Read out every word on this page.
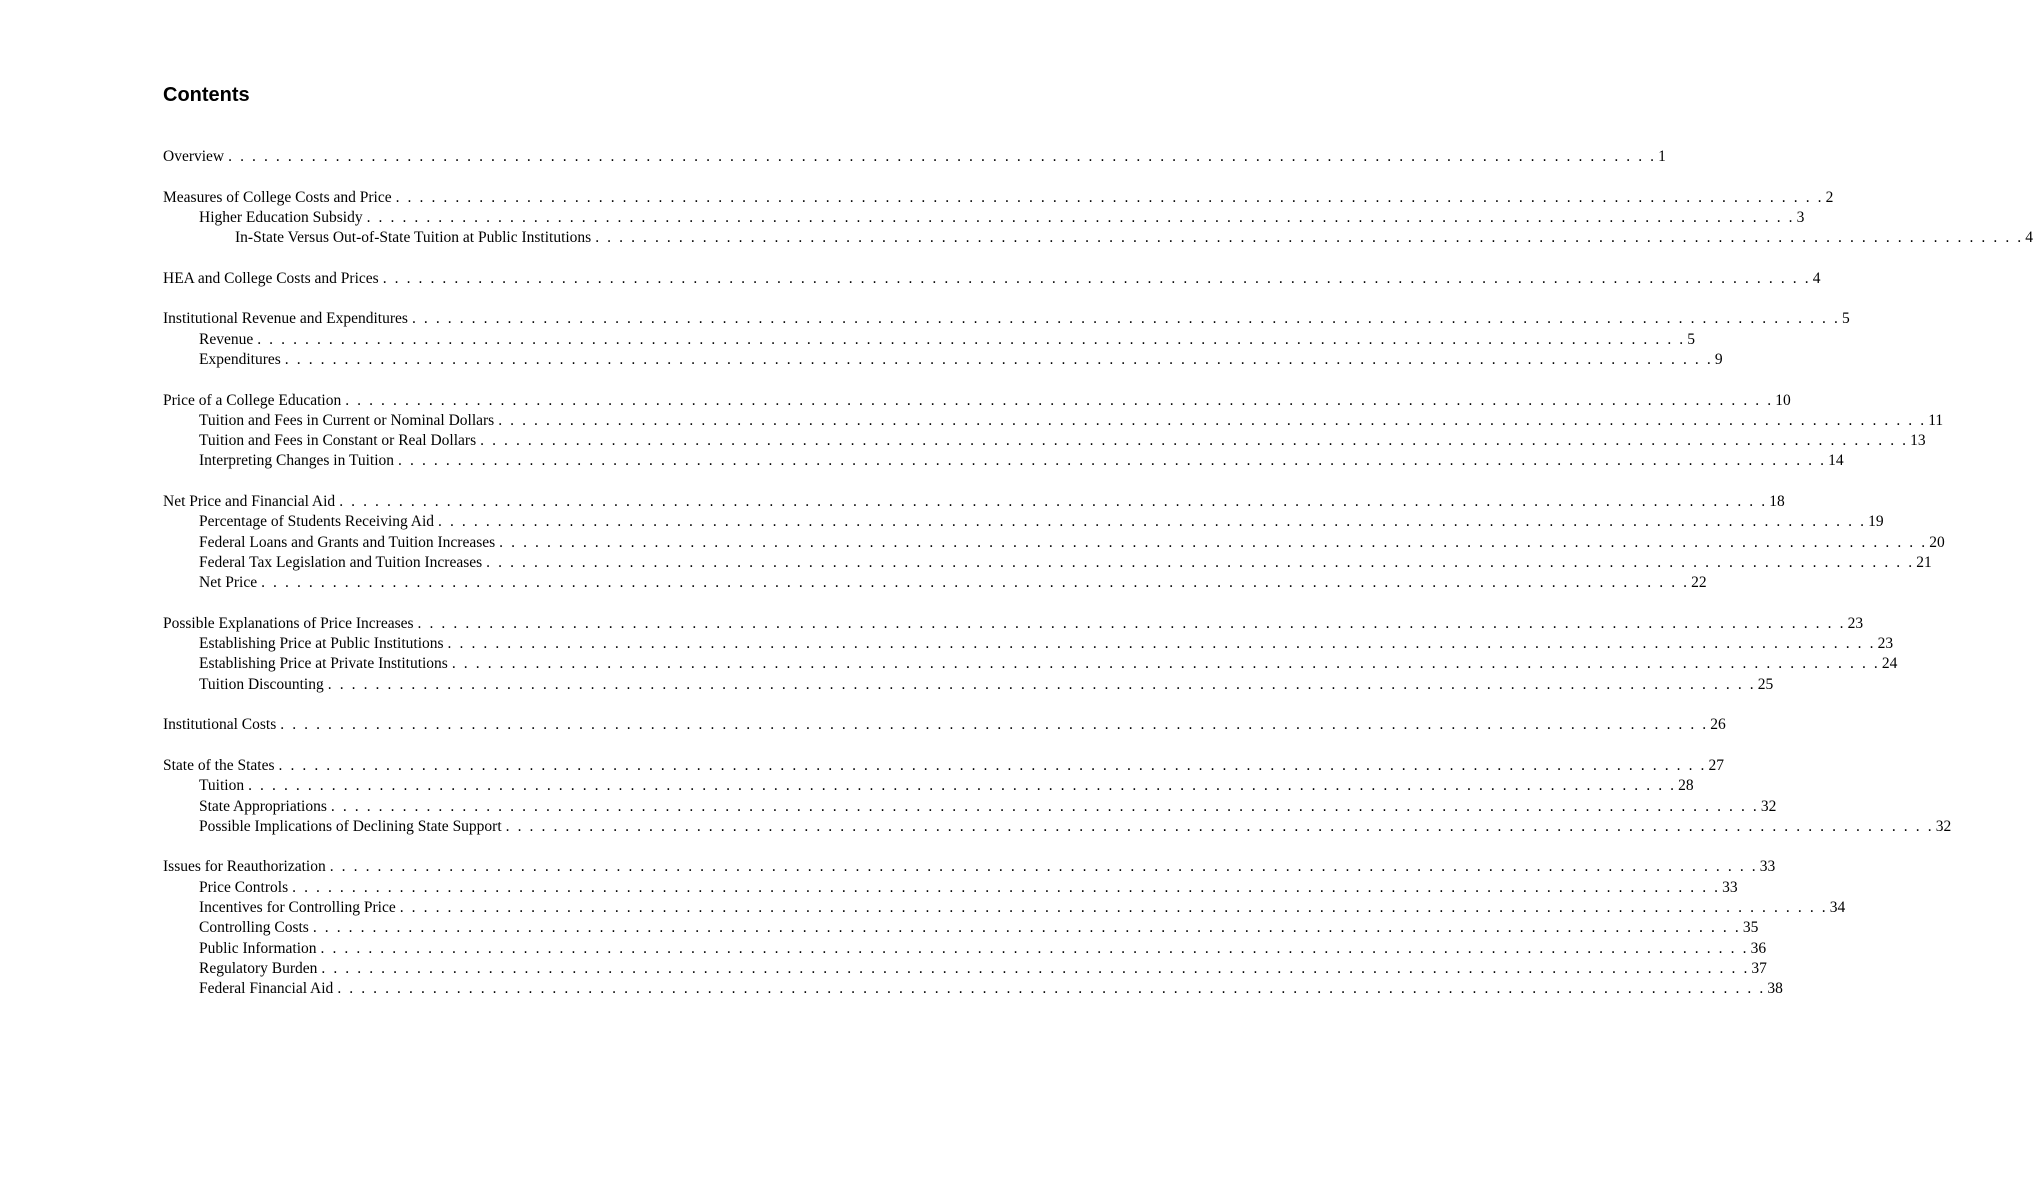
Contents
Overview . . . . . . . . . . . . . . . . . . . . . . . . . . . . . . . . . . . . . . . . . . . . . . . . . . . . . . . . . . . . . . . . . . . . . . . . . . . . . . . . . . . . . . . . . . . . . . . . . . . . . . . . . . . . . . . . . . . . . . . . 1
Measures of College Costs and Price . . . . . . . . . . . . . . . . . . . . . . . . . . . . . . . . . . . . . . . . . . . . . . . . . . . . . . . . . . . . . . . . . . . . . . . . . . . . . . . . . . . . . . . . . . . . . . . . . . . . . . . . . . . . . . . . . . . . . . . . 2
Higher Education Subsidy . . . . . . . . . . . . . . . . . . . . . . . . . . . . . . . . . . . . . . . . . . . . . . . . . . . . . . . . . . . . . . . . . . . . . . . . . . . . . . . . . . . . . . . . . . . . . . . . . . . . . . . . . . . . . . . . . . . . . . . . 3
In-State Versus Out-of-State Tuition at Public Institutions . . . . . . . . . . . . . . . . . . . . . . . . . . . . . . . . . . . . . . . . . . . . . . . . . . . . . . . . . . . . . . . . . . . . . . . . . . . . . . . . . . . . . . . . . . . . . . . . . . . . . . . . . . . . . . . . . . . . . . . . 4
HEA and College Costs and Prices . . . . . . . . . . . . . . . . . . . . . . . . . . . . . . . . . . . . . . . . . . . . . . . . . . . . . . . . . . . . . . . . . . . . . . . . . . . . . . . . . . . . . . . . . . . . . . . . . . . . . . . . . . . . . . . . . . . . . . . . 4
Institutional Revenue and Expenditures . . . . . . . . . . . . . . . . . . . . . . . . . . . . . . . . . . . . . . . . . . . . . . . . . . . . . . . . . . . . . . . . . . . . . . . . . . . . . . . . . . . . . . . . . . . . . . . . . . . . . . . . . . . . . . . . . . . . . . . . 5
Revenue . . . . . . . . . . . . . . . . . . . . . . . . . . . . . . . . . . . . . . . . . . . . . . . . . . . . . . . . . . . . . . . . . . . . . . . . . . . . . . . . . . . . . . . . . . . . . . . . . . . . . . . . . . . . . . . . . . . . . . . . 5
Expenditures . . . . . . . . . . . . . . . . . . . . . . . . . . . . . . . . . . . . . . . . . . . . . . . . . . . . . . . . . . . . . . . . . . . . . . . . . . . . . . . . . . . . . . . . . . . . . . . . . . . . . . . . . . . . . . . . . . . . . . . . 9
Price of a College Education . . . . . . . . . . . . . . . . . . . . . . . . . . . . . . . . . . . . . . . . . . . . . . . . . . . . . . . . . . . . . . . . . . . . . . . . . . . . . . . . . . . . . . . . . . . . . . . . . . . . . . . . . . . . . . . . . . . . . . . . 10
Tuition and Fees in Current or Nominal Dollars . . . . . . . . . . . . . . . . . . . . . . . . . . . . . . . . . . . . . . . . . . . . . . . . . . . . . . . . . . . . . . . . . . . . . . . . . . . . . . . . . . . . . . . . . . . . . . . . . . . . . . . . . . . . . . . . . . . . . . . . 11
Tuition and Fees in Constant or Real Dollars . . . . . . . . . . . . . . . . . . . . . . . . . . . . . . . . . . . . . . . . . . . . . . . . . . . . . . . . . . . . . . . . . . . . . . . . . . . . . . . . . . . . . . . . . . . . . . . . . . . . . . . . . . . . . . . . . . . . . . . . 13
Interpreting Changes in Tuition . . . . . . . . . . . . . . . . . . . . . . . . . . . . . . . . . . . . . . . . . . . . . . . . . . . . . . . . . . . . . . . . . . . . . . . . . . . . . . . . . . . . . . . . . . . . . . . . . . . . . . . . . . . . . . . . . . . . . . . . 14
Net Price and Financial Aid . . . . . . . . . . . . . . . . . . . . . . . . . . . . . . . . . . . . . . . . . . . . . . . . . . . . . . . . . . . . . . . . . . . . . . . . . . . . . . . . . . . . . . . . . . . . . . . . . . . . . . . . . . . . . . . . . . . . . . . . 18
Percentage of Students Receiving Aid . . . . . . . . . . . . . . . . . . . . . . . . . . . . . . . . . . . . . . . . . . . . . . . . . . . . . . . . . . . . . . . . . . . . . . . . . . . . . . . . . . . . . . . . . . . . . . . . . . . . . . . . . . . . . . . . . . . . . . . . 19
Federal Loans and Grants and Tuition Increases . . . . . . . . . . . . . . . . . . . . . . . . . . . . . . . . . . . . . . . . . . . . . . . . . . . . . . . . . . . . . . . . . . . . . . . . . . . . . . . . . . . . . . . . . . . . . . . . . . . . . . . . . . . . . . . . . . . . . . . . 20
Federal Tax Legislation and Tuition Increases . . . . . . . . . . . . . . . . . . . . . . . . . . . . . . . . . . . . . . . . . . . . . . . . . . . . . . . . . . . . . . . . . . . . . . . . . . . . . . . . . . . . . . . . . . . . . . . . . . . . . . . . . . . . . . . . . . . . . . . . 21
Net Price . . . . . . . . . . . . . . . . . . . . . . . . . . . . . . . . . . . . . . . . . . . . . . . . . . . . . . . . . . . . . . . . . . . . . . . . . . . . . . . . . . . . . . . . . . . . . . . . . . . . . . . . . . . . . . . . . . . . . . . . 22
Possible Explanations of Price Increases . . . . . . . . . . . . . . . . . . . . . . . . . . . . . . . . . . . . . . . . . . . . . . . . . . . . . . . . . . . . . . . . . . . . . . . . . . . . . . . . . . . . . . . . . . . . . . . . . . . . . . . . . . . . . . . . . . . . . . . . 23
Establishing Price at Public Institutions . . . . . . . . . . . . . . . . . . . . . . . . . . . . . . . . . . . . . . . . . . . . . . . . . . . . . . . . . . . . . . . . . . . . . . . . . . . . . . . . . . . . . . . . . . . . . . . . . . . . . . . . . . . . . . . . . . . . . . . . 23
Establishing Price at Private Institutions . . . . . . . . . . . . . . . . . . . . . . . . . . . . . . . . . . . . . . . . . . . . . . . . . . . . . . . . . . . . . . . . . . . . . . . . . . . . . . . . . . . . . . . . . . . . . . . . . . . . . . . . . . . . . . . . . . . . . . . . 24
Tuition Discounting . . . . . . . . . . . . . . . . . . . . . . . . . . . . . . . . . . . . . . . . . . . . . . . . . . . . . . . . . . . . . . . . . . . . . . . . . . . . . . . . . . . . . . . . . . . . . . . . . . . . . . . . . . . . . . . . . . . . . . . . 25
Institutional Costs . . . . . . . . . . . . . . . . . . . . . . . . . . . . . . . . . . . . . . . . . . . . . . . . . . . . . . . . . . . . . . . . . . . . . . . . . . . . . . . . . . . . . . . . . . . . . . . . . . . . . . . . . . . . . . . . . . . . . . . . 26
State of the States . . . . . . . . . . . . . . . . . . . . . . . . . . . . . . . . . . . . . . . . . . . . . . . . . . . . . . . . . . . . . . . . . . . . . . . . . . . . . . . . . . . . . . . . . . . . . . . . . . . . . . . . . . . . . . . . . . . . . . . . 27
Tuition . . . . . . . . . . . . . . . . . . . . . . . . . . . . . . . . . . . . . . . . . . . . . . . . . . . . . . . . . . . . . . . . . . . . . . . . . . . . . . . . . . . . . . . . . . . . . . . . . . . . . . . . . . . . . . . . . . . . . . . . 28
State Appropriations . . . . . . . . . . . . . . . . . . . . . . . . . . . . . . . . . . . . . . . . . . . . . . . . . . . . . . . . . . . . . . . . . . . . . . . . . . . . . . . . . . . . . . . . . . . . . . . . . . . . . . . . . . . . . . . . . . . . . . . . 32
Possible Implications of Declining State Support . . . . . . . . . . . . . . . . . . . . . . . . . . . . . . . . . . . . . . . . . . . . . . . . . . . . . . . . . . . . . . . . . . . . . . . . . . . . . . . . . . . . . . . . . . . . . . . . . . . . . . . . . . . . . . . . . . . . . . . . 32
Issues for Reauthorization . . . . . . . . . . . . . . . . . . . . . . . . . . . . . . . . . . . . . . . . . . . . . . . . . . . . . . . . . . . . . . . . . . . . . . . . . . . . . . . . . . . . . . . . . . . . . . . . . . . . . . . . . . . . . . . . . . . . . . . . 33
Price Controls . . . . . . . . . . . . . . . . . . . . . . . . . . . . . . . . . . . . . . . . . . . . . . . . . . . . . . . . . . . . . . . . . . . . . . . . . . . . . . . . . . . . . . . . . . . . . . . . . . . . . . . . . . . . . . . . . . . . . . . . 33
Incentives for Controlling Price . . . . . . . . . . . . . . . . . . . . . . . . . . . . . . . . . . . . . . . . . . . . . . . . . . . . . . . . . . . . . . . . . . . . . . . . . . . . . . . . . . . . . . . . . . . . . . . . . . . . . . . . . . . . . . . . . . . . . . . . 34
Controlling Costs . . . . . . . . . . . . . . . . . . . . . . . . . . . . . . . . . . . . . . . . . . . . . . . . . . . . . . . . . . . . . . . . . . . . . . . . . . . . . . . . . . . . . . . . . . . . . . . . . . . . . . . . . . . . . . . . . . . . . . . . 35
Public Information . . . . . . . . . . . . . . . . . . . . . . . . . . . . . . . . . . . . . . . . . . . . . . . . . . . . . . . . . . . . . . . . . . . . . . . . . . . . . . . . . . . . . . . . . . . . . . . . . . . . . . . . . . . . . . . . . . . . . . . . 36
Regulatory Burden . . . . . . . . . . . . . . . . . . . . . . . . . . . . . . . . . . . . . . . . . . . . . . . . . . . . . . . . . . . . . . . . . . . . . . . . . . . . . . . . . . . . . . . . . . . . . . . . . . . . . . . . . . . . . . . . . . . . . . . . 37
Federal Financial Aid . . . . . . . . . . . . . . . . . . . . . . . . . . . . . . . . . . . . . . . . . . . . . . . . . . . . . . . . . . . . . . . . . . . . . . . . . . . . . . . . . . . . . . . . . . . . . . . . . . . . . . . . . . . . . . . . . . . . . . . . 38
